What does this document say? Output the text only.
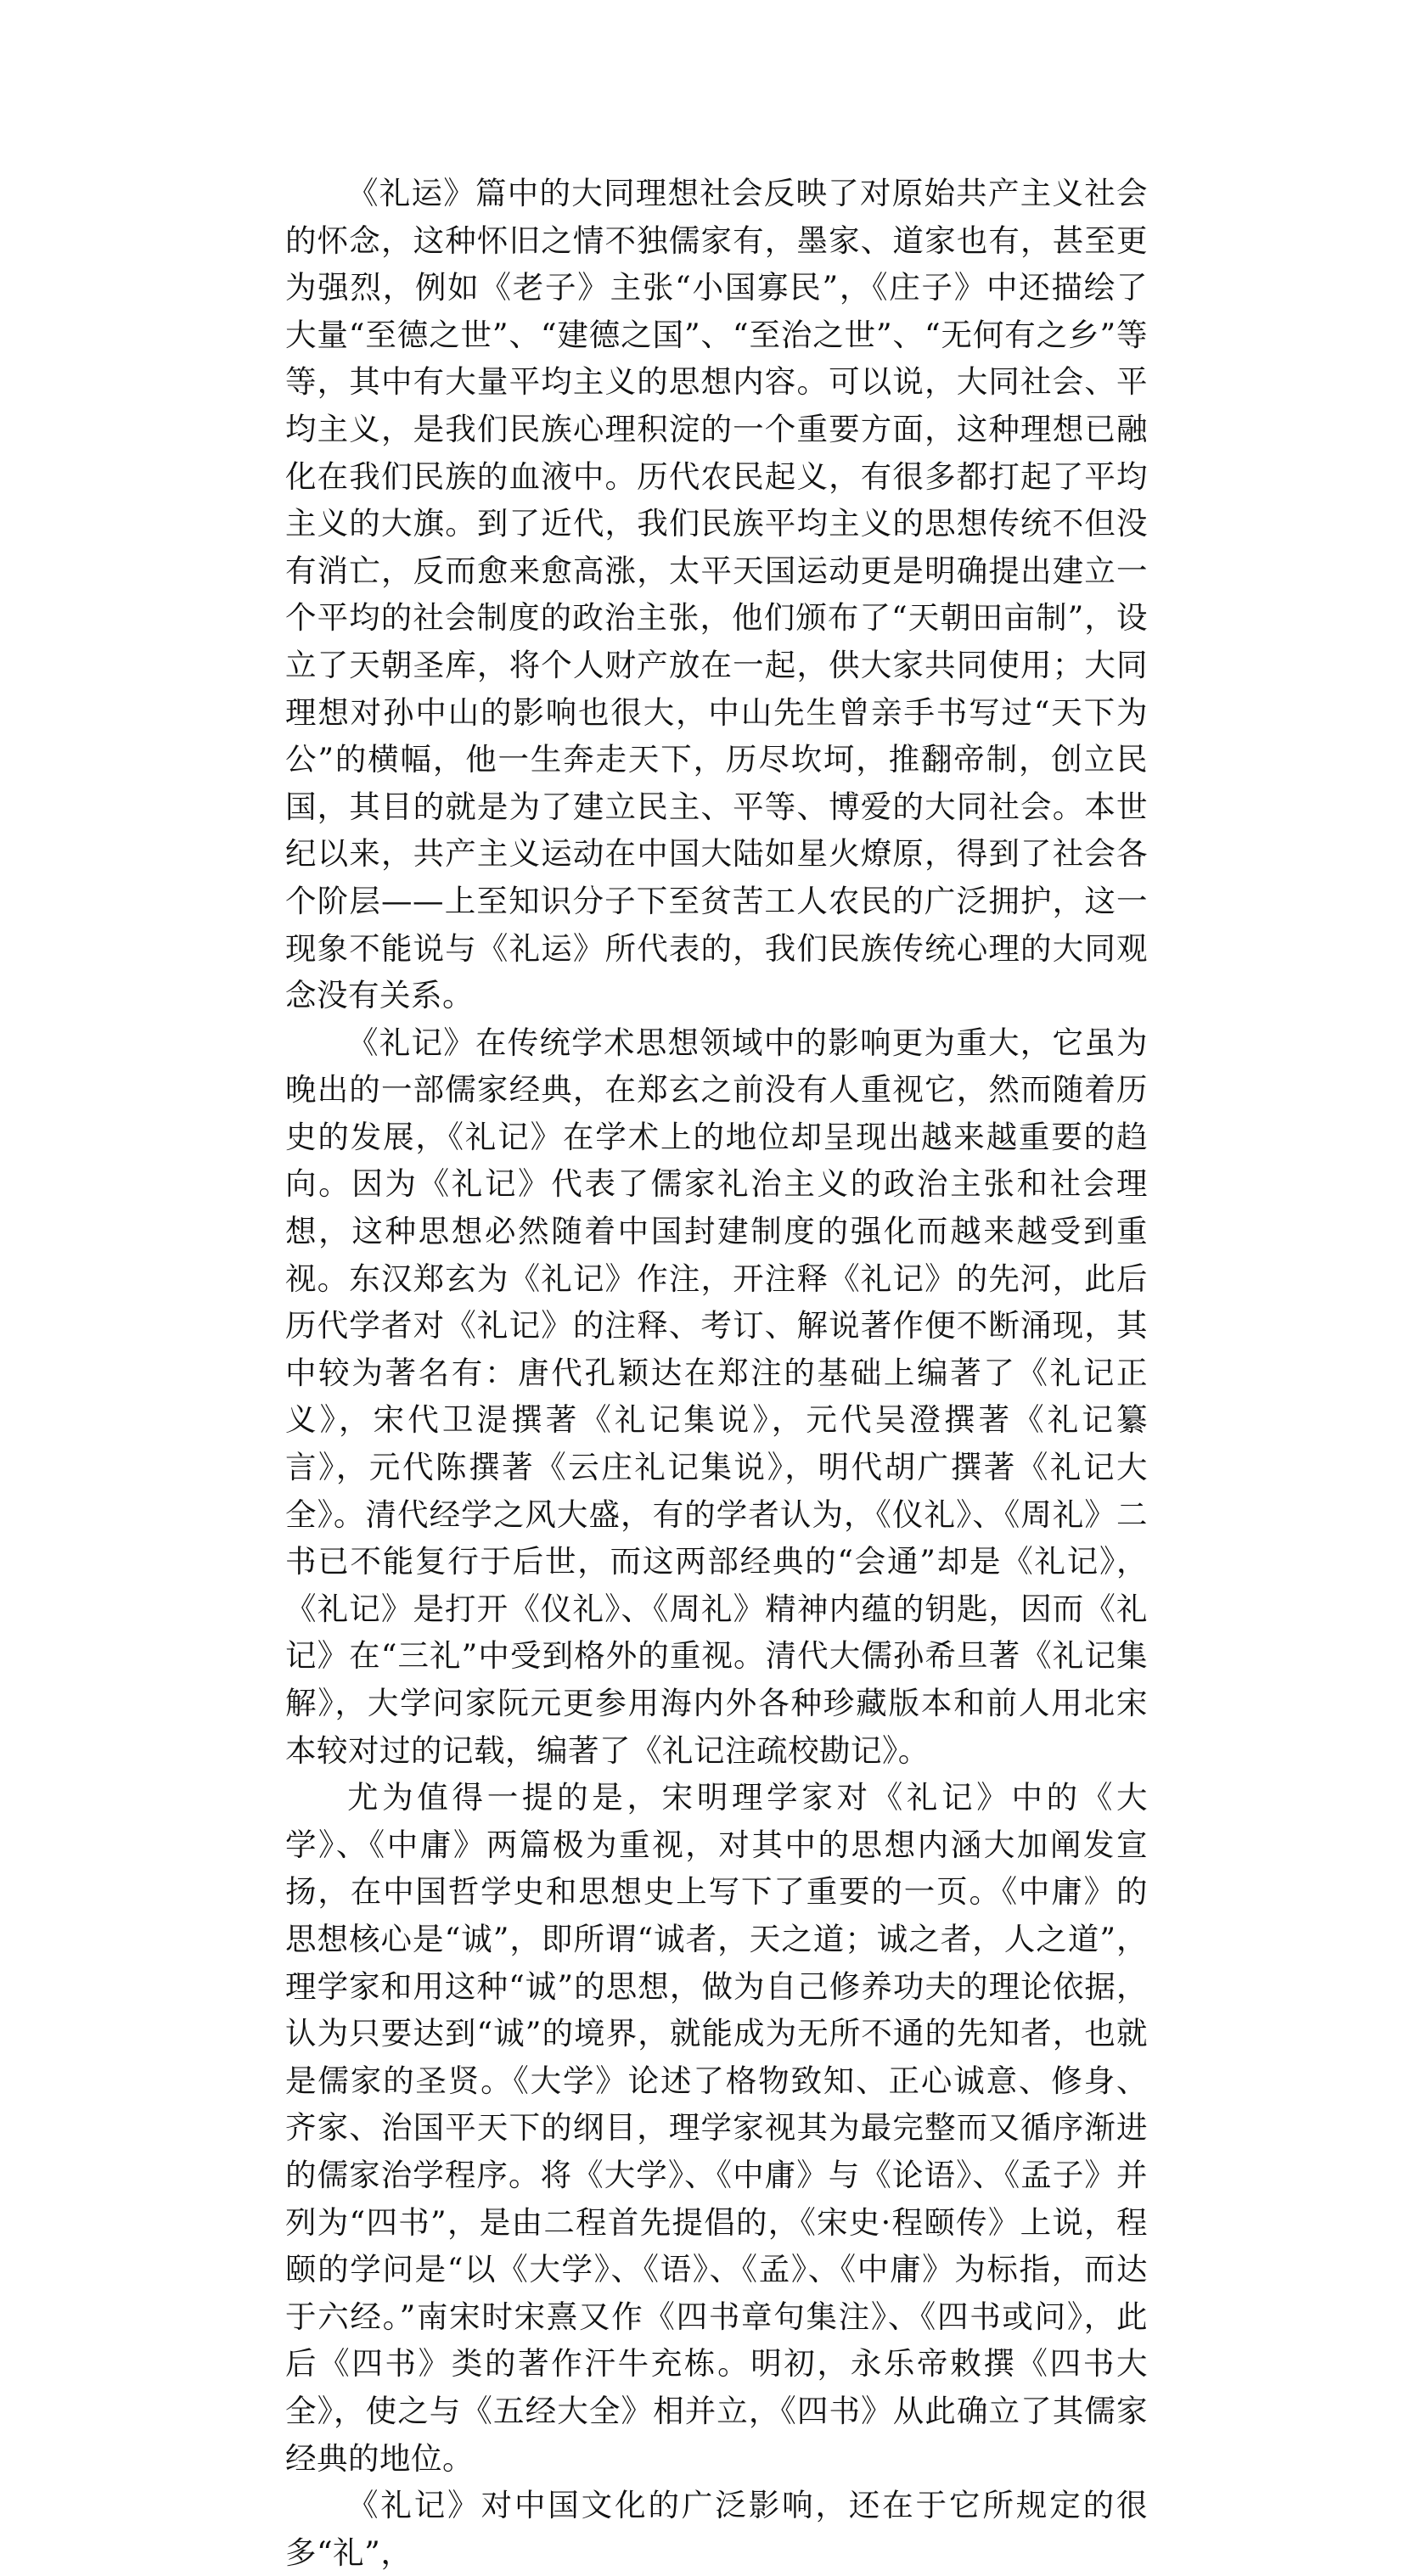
《礼运》篇中的大同理想社会反映了对原始共产主义社会的怀念，这种怀旧之情不独儒家有，墨家、道家也有，甚至更为强烈，例如《老子》主张“小国寡民”，《庄子》中还描绘了大量“至德之世”、“建德之国”、“至治之世”、“无何有之乡”等等，其中有大量平均主义的思想内容。可以说，大同社会、平均主义，是我们民族心理积淀的一个重要方面，这种理想已融化在我们民族的血液中。历代农民起义，有很多都打起了平均主义的大旗。到了近代，我们民族平均主义的思想传统不但没有消亡，反而愈来愈高涨，太平天国运动更是明确提出建立一个平均的社会制度的政治主张，他们颁布了“天朝田亩制”，设立了天朝圣库，将个人财产放在一起，供大家共同使用；大同理想对孙中山的影响也很大，中山先生曾亲手书写过“天下为公”的横幅，他一生奔走天下，历尽坎坷，推翻帝制，创立民国，其目的就是为了建立民主、平等、博爱的大同社会。本世纪以来，共产主义运动在中国大陆如星火燎原，得到了社会各个阶层——上至知识分子下至贫苦工人农民的广泛拥护，这一现象不能说与《礼运》所代表的，我们民族传统心理的大同观念没有关系。

《礼记》在传统学术思想领域中的影响更为重大，它虽为晚出的一部儒家经典，在郑玄之前没有人重视它，然而随着历史的发展，《礼记》在学术上的地位却呈现出越来越重要的趋向。因为《礼记》代表了儒家礼治主义的政治主张和社会理想，这种思想必然随着中国封建制度的强化而越来越受到重视。东汉郑玄为《礼记》作注，开注释《礼记》的先河，此后历代学者对《礼记》的注释、考订、解说著作便不断涌现，其中较为著名有：唐代孔颖达在郑注的基础上编著了《礼记正义》，宋代卫湜撰著《礼记集说》，元代吴澄撰著《礼记纂言》，元代陈撰著《云庄礼记集说》，明代胡广撰著《礼记大全》。清代经学之风大盛，有的学者认为，《仪礼》、《周礼》二书已不能复行于后世，而这两部经典的“会通”却是《礼记》，《礼记》是打开《仪礼》、《周礼》精神内蕴的钥匙，因而《礼记》在“三礼”中受到格外的重视。清代大儒孙希旦著《礼记集解》，大学问家阮元更参用海内外各种珍藏版本和前人用北宋本较对过的记载，编著了《礼记注疏校勘记》。

尤为值得一提的是，宋明理学家对《礼记》中的《大学》、《中庸》两篇极为重视，对其中的思想内涵大加阐发宣扬，在中国哲学史和思想史上写下了重要的一页。《中庸》的思想核心是“诚”，即所谓“诚者，天之道；诚之者，人之道”，理学家和用这种“诚”的思想，做为自己修养功夫的理论依据，认为只要达到“诚”的境界，就能成为无所不通的先知者，也就是儒家的圣贤。《大学》论述了格物致知、正心诚意、修身、齐家、治国平天下的纲目，理学家视其为最完整而又循序渐进的儒家治学程序。将《大学》、《中庸》与《论语》、《孟子》并列为“四书”，是由二程首先提倡的，《宋史·程颐传》上说，程颐的学问是“以《大学》、《语》、《孟》、《中庸》为标指，而达于六经。”南宋时宋熹又作《四书章句集注》、《四书或问》，此后《四书》类的著作汗牛充栋。明初，永乐帝敕撰《四书大全》，使之与《五经大全》相并立，《四书》从此确立了其儒家经典的地位。

《礼记》对中国文化的广泛影响，还在于它所规定的很多“礼”，
